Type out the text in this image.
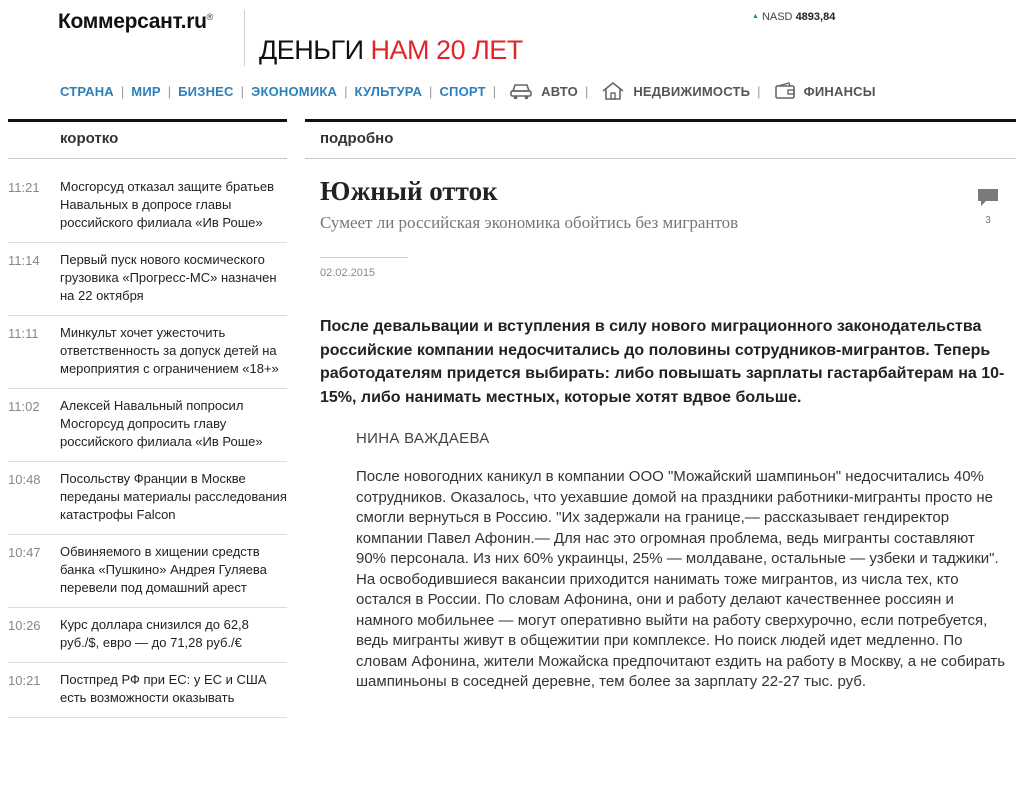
Коммерсант.ru®
ДЕНЬГИ НАМ 20 ЛЕТ
▲ NASD 4893,84
СТРАНА | МИР | БИЗНЕС | ЭКОНОМИКА | КУЛЬТУРА | СПОРТ |	АВТО |	НЕДВИЖИМОСТЬ |	ФИНАНСЫ
коротко	подробно
11:21	Мосгорсуд отказал защите братьев Навальных в допросе главы российского филиала «Ив Роше»
11:14	Первый пуск нового космического грузовика «Прогресс-МС» назначен на 22 октября
11:11	Минкульт хочет ужесточить ответственность за допуск детей на мероприятия с ограничением «18+»
11:02	Алексей Навальный попросил Мосгорсуд допросить главу российского филиала «Ив Роше»
10:48	Посольству Франции в Москве переданы материалы расследования катастрофы Falcon
10:47	Обвиняемого в хищении средств банка «Пушкино» Андрея Гуляева перевели под домашний арест
10:26	Курс доллара снизился до 62,8 руб./$, евро — до 71,28 руб./€
10:21	Постпред РФ при ЕС: у ЕС и США есть возможности оказывать
Южный отток
Сумеет ли российская экономика обойтись без мигрантов
02.02.2015
После девальвации и вступления в силу нового миграционного законодательства российские компании недосчитались до половины сотрудников-мигрантов. Теперь работодателям придется выбирать: либо повышать зарплаты гастарбайтерам на 10-15%, либо нанимать местных, которые хотят вдвое больше.
НИНА ВАЖДАЕВА
После новогодних каникул в компании ООО "Можайский шампиньон" недосчитались 40% сотрудников. Оказалось, что уехавшие домой на праздники работники-мигранты просто не смогли вернуться в Россию. "Их задержали на границе,— рассказывает гендиректор компании Павел Афонин.— Для нас это огромная проблема, ведь мигранты составляют 90% персонала. Из них 60% украинцы, 25% — молдаване, остальные — узбеки и таджики". На освободившиеся вакансии приходится нанимать тоже мигрантов, из числа тех, кто остался в России. По словам Афонина, они и работу делают качественнее россиян и намного мобильнее — могут оперативно выйти на работу сверхурочно, если потребуется, ведь мигранты живут в общежитии при комплексе. Но поиск людей идет медленно. По словам Афонина, жители Можайска предпочитают ездить на работу в Москву, а не собирать шампиньоны в соседней деревне, тем более за зарплату 22-27 тыс. руб.
3
